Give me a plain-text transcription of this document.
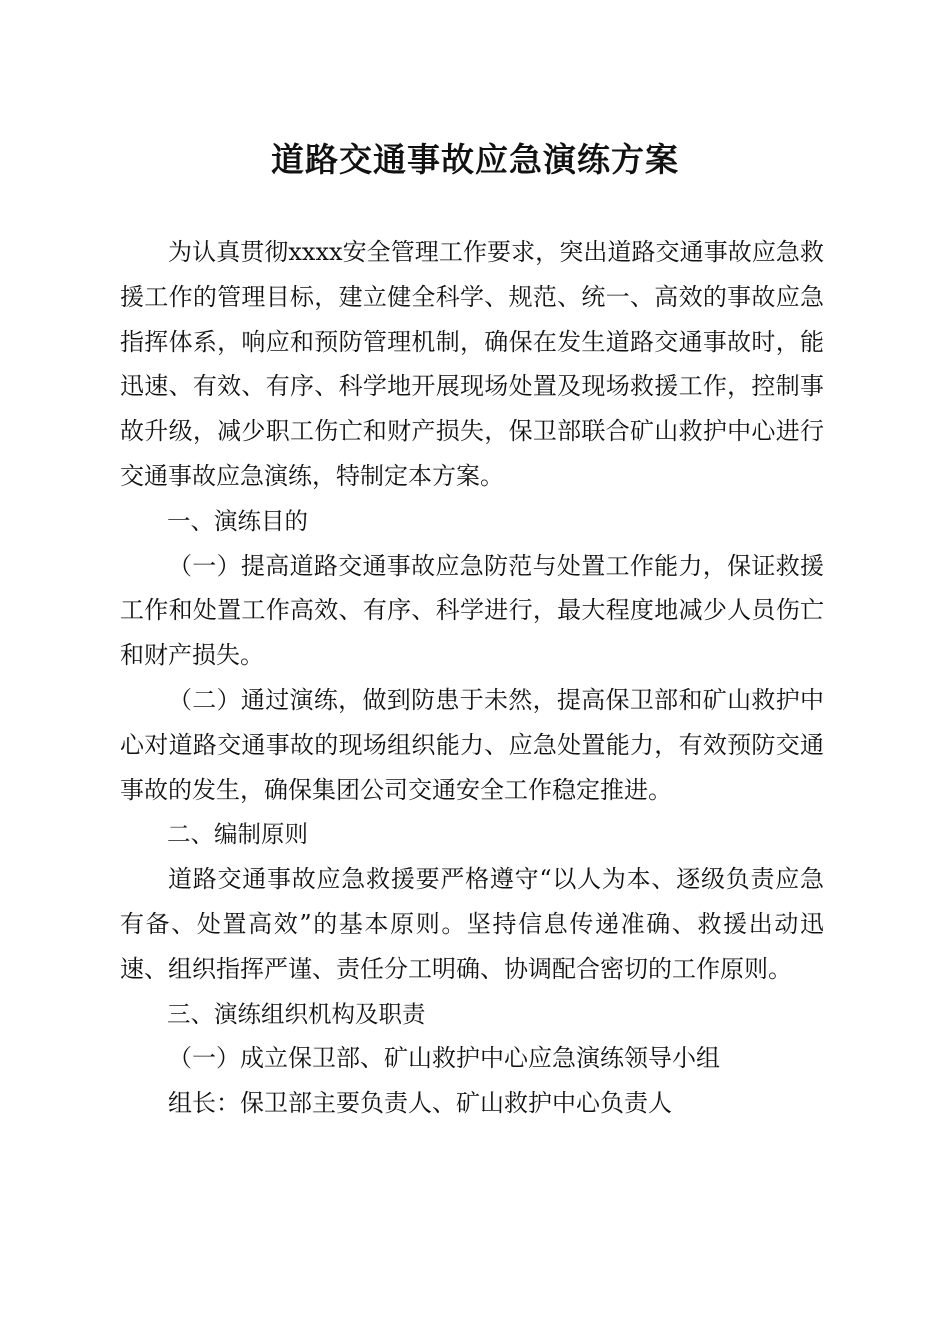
道路交通事故应急演练方案

为认真贯彻xxxx安全管理工作要求，突出道路交通事故应急救援工作的管理目标，建立健全科学、规范、统一、高效的事故应急指挥体系，响应和预防管理机制，确保在发生道路交通事故时，能迅速、有效、有序、科学地开展现场处置及现场救援工作，控制事故升级，减少职工伤亡和财产损失，保卫部联合矿山救护中心进行交通事故应急演练，特制定本方案。

一、演练目的

（一）提高道路交通事故应急防范与处置工作能力，保证救援工作和处置工作高效、有序、科学进行，最大程度地减少人员伤亡和财产损失。

（二）通过演练，做到防患于未然，提高保卫部和矿山救护中心对道路交通事故的现场组织能力、应急处置能力，有效预防交通事故的发生，确保集团公司交通安全工作稳定推进。

二、编制原则

道路交通事故应急救援要严格遵守“以人为本、逐级负责应急有备、处置高效”的基本原则。坚持信息传递准确、救援出动迅速、组织指挥严谨、责任分工明确、协调配合密切的工作原则。

三、演练组织机构及职责

（一）成立保卫部、矿山救护中心应急演练领导小组

组长：保卫部主要负责人、矿山救护中心负责人
